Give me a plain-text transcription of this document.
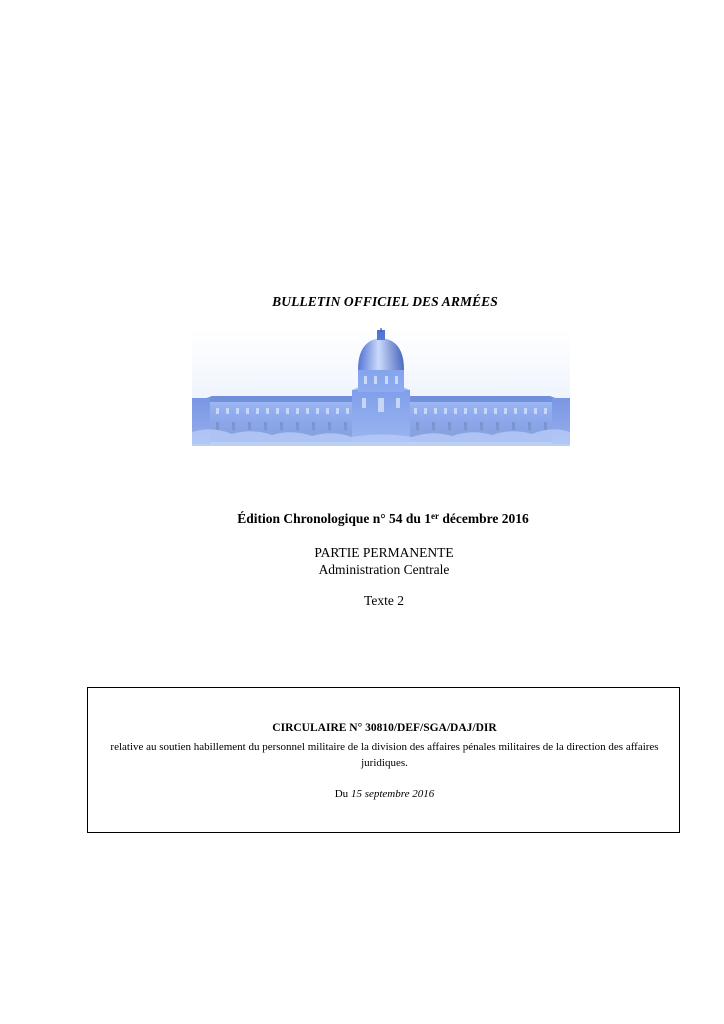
BULLETIN OFFICIEL DES ARMÉES
Édition Chronologique n° 54 du 1er décembre 2016
PARTIE PERMANENTE
Administration Centrale
Texte 2
CIRCULAIRE N° 30810/DEF/SGA/DAJ/DIR
relative au soutien habillement du personnel militaire de la division des affaires pénales militaires de la direction des affaires juridiques.
Du 15 septembre 2016
